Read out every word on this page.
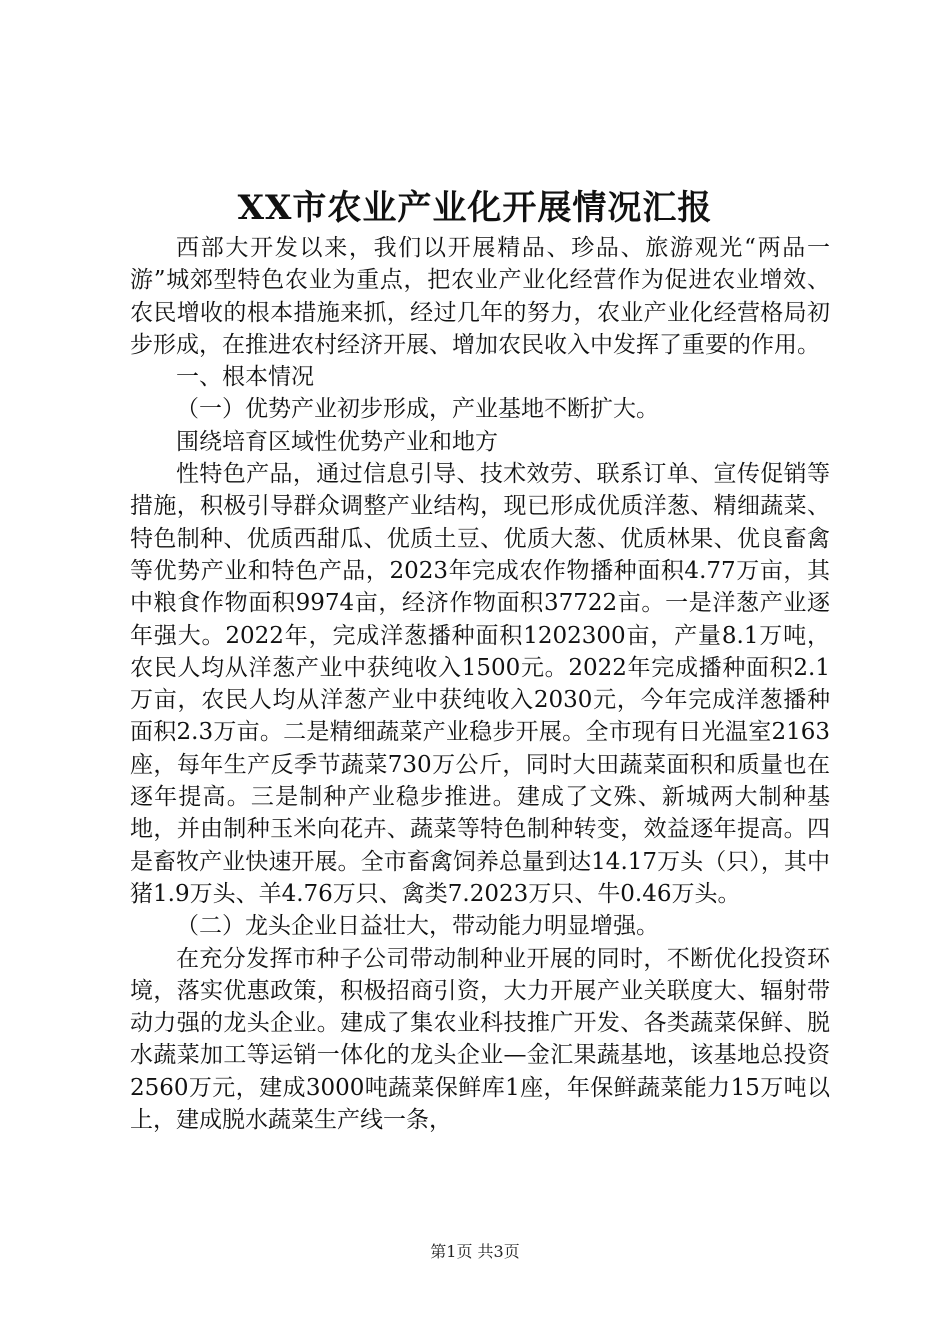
XX市农业产业化开展情况汇报

西部大开发以来，我们以开展精品、珍品、旅游观光“两品一游”城郊型特色农业为重点，把农业产业化经营作为促进农业增效、农民增收的根本措施来抓，经过几年的努力，农业产业化经营格局初步形成，在推进农村经济开展、增加农民收入中发挥了重要的作用。

一、根本情况

（一）优势产业初步形成，产业基地不断扩大。

围绕培育区域性优势产业和地方

性特色产品，通过信息引导、技术效劳、联系订单、宣传促销等措施，积极引导群众调整产业结构，现已形成优质洋葱、精细蔬菜、特色制种、优质西甜瓜、优质土豆、优质大葱、优质林果、优良畜禽等优势产业和特色产品，2023年完成农作物播种面积4.77万亩，其中粮食作物面积9974亩，经济作物面积37722亩。一是洋葱产业逐年强大。2022年，完成洋葱播种面积1202300亩，产量8.1万吨，农民人均从洋葱产业中获纯收入1500元。2022年完成播种面积2.1万亩，农民人均从洋葱产业中获纯收入2030元，今年完成洋葱播种面积2.3万亩。二是精细蔬菜产业稳步开展。全市现有日光温室2163座，每年生产反季节蔬菜730万公斤，同时大田蔬菜面积和质量也在逐年提高。三是制种产业稳步推进。建成了文殊、新城两大制种基地，并由制种玉米向花卉、蔬菜等特色制种转变，效益逐年提高。四是畜牧产业快速开展。全市畜禽饲养总量到达14.17万头（只），其中猪1.9万头、羊4.76万只、禽类7.2023万只、牛0.46万头。

（二）龙头企业日益壮大，带动能力明显增强。

在充分发挥市种子公司带动制种业开展的同时，不断优化投资环境，落实优惠政策，积极招商引资，大力开展产业关联度大、辐射带动力强的龙头企业。建成了集农业科技推广开发、各类蔬菜保鲜、脱水蔬菜加工等运销一体化的龙头企业—金汇果蔬基地，该基地总投资2560万元，建成3000吨蔬菜保鲜库1座，年保鲜蔬菜能力15万吨以上，建成脱水蔬菜生产线一条，

第1页 共3页
